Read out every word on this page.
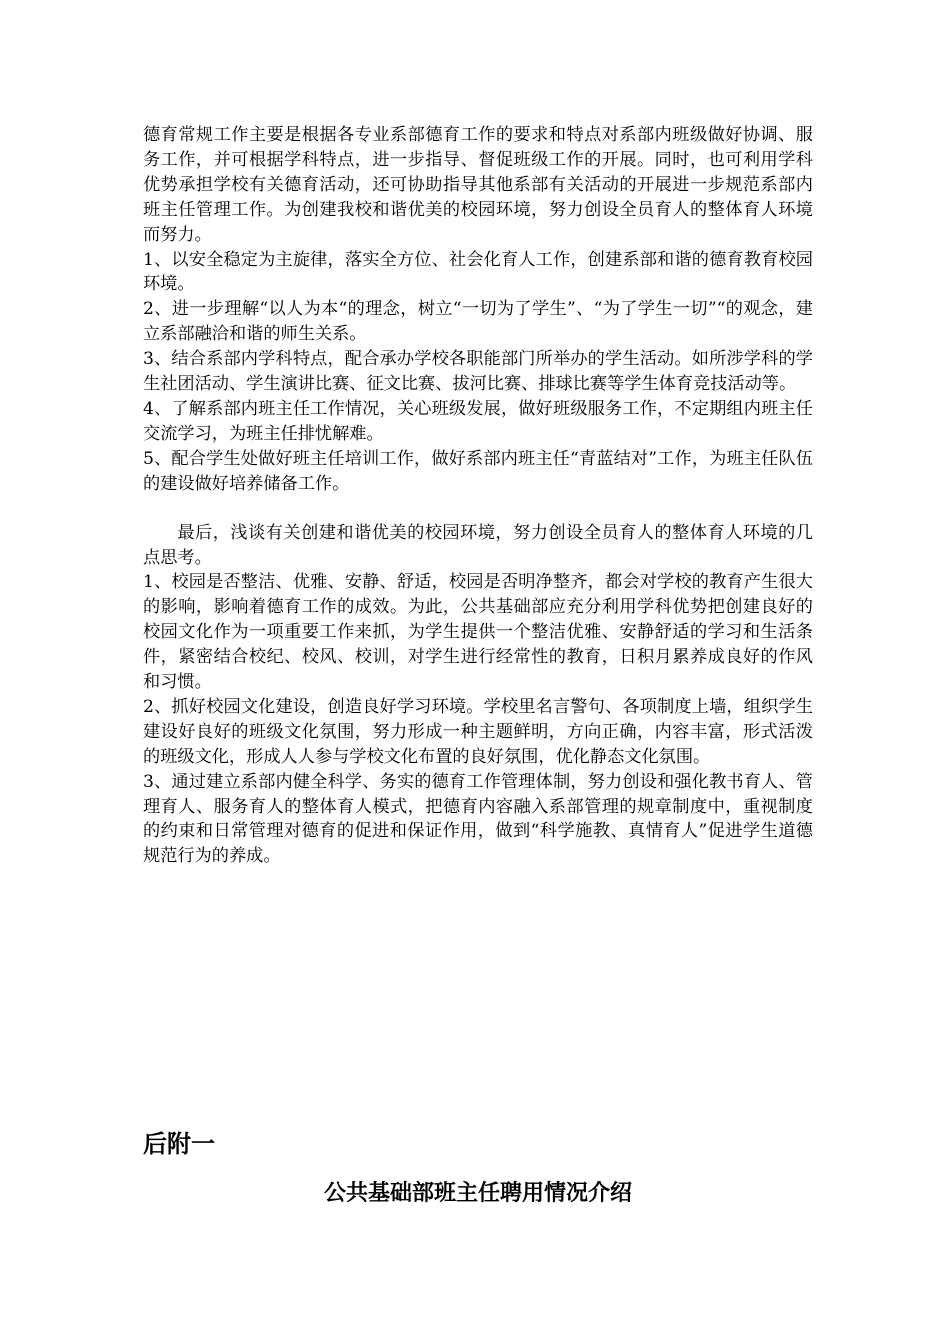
德育常规工作主要是根据各专业系部德育工作的要求和特点对系部内班级做好协调、服务工作，并可根据学科特点，进一步指导、督促班级工作的开展。同时，也可利用学科优势承担学校有关德育活动，还可协助指导其他系部有关活动的开展进一步规范系部内班主任管理工作。为创建我校和谐优美的校园环境，努力创设全员育人的整体育人环境而努力。

1、以安全稳定为主旋律，落实全方位、社会化育人工作，创建系部和谐的德育教育校园环境。

2、进一步理解“以人为本“的理念，树立“一切为了学生”、“为了学生一切”“的观念，建立系部融洽和谐的师生关系。

3、结合系部内学科特点，配合承办学校各职能部门所举办的学生活动。如所涉学科的学生社团活动、学生演讲比赛、征文比赛、拔河比赛、排球比赛等学生体育竞技活动等。

4、了解系部内班主任工作情况，关心班级发展，做好班级服务工作，不定期组内班主任交流学习，为班主任排忧解难。

5、配合学生处做好班主任培训工作，做好系部内班主任“青蓝结对”工作，为班主任队伍的建设做好培养储备工作。

最后，浅谈有关创建和谐优美的校园环境，努力创设全员育人的整体育人环境的几点思考。

1、校园是否整洁、优雅、安静、舒适，校园是否明净整齐，都会对学校的教育产生很大的影响，影响着德育工作的成效。为此，公共基础部应充分利用学科优势把创建良好的校园文化作为一项重要工作来抓，为学生提供一个整洁优雅、安静舒适的学习和生活条件，紧密结合校纪、校风、校训，对学生进行经常性的教育，日积月累养成良好的作风和习惯。

2、抓好校园文化建设，创造良好学习环境。学校里名言警句、各项制度上墙，组织学生建设好良好的班级文化氛围，努力形成一种主题鲜明，方向正确，内容丰富，形式活泼的班级文化，形成人人参与学校文化布置的良好氛围，优化静态文化氛围。

3、通过建立系部内健全科学、务实的德育工作管理体制，努力创设和强化教书育人、管理育人、服务育人的整体育人模式，把德育内容融入系部管理的规章制度中，重视制度的约束和日常管理对德育的促进和保证作用，做到“科学施教、真情育人”促进学生道德规范行为的养成。

后附一
公共基础部班主任聘用情况介绍
